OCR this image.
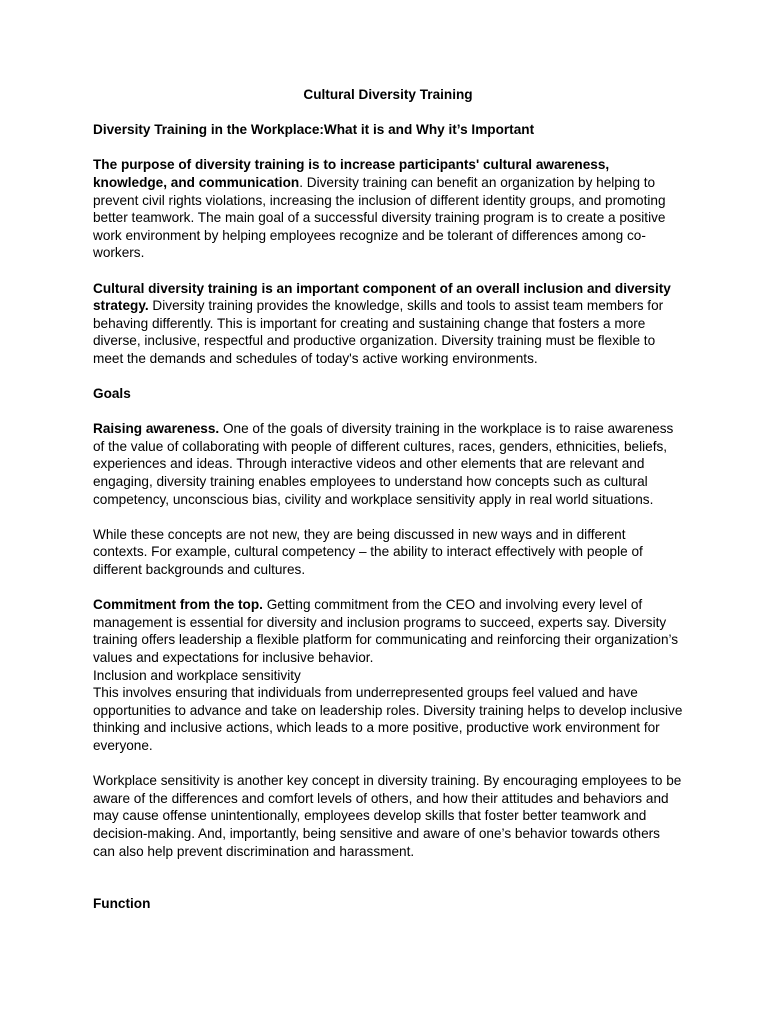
Cultural Diversity Training

Diversity Training in the Workplace:What it is and Why it’s Important

The purpose of diversity training is to increase participants' cultural awareness, knowledge, and communication. Diversity training can benefit an organization by helping to prevent civil rights violations, increasing the inclusion of different identity groups, and promoting better teamwork. The main goal of a successful diversity training program is to create a positive work environment by helping employees recognize and be tolerant of differences among co-workers.

Cultural diversity training is an important component of an overall inclusion and diversity strategy. Diversity training provides the knowledge, skills and tools to assist team members for behaving differently. This is important for creating and sustaining change that fosters a more diverse, inclusive, respectful and productive organization. Diversity training must be flexible to meet the demands and schedules of today's active working environments.

Goals

Raising awareness. One of the goals of diversity training in the workplace is to raise awareness of the value of collaborating with people of different cultures, races, genders, ethnicities, beliefs, experiences and ideas. Through interactive videos and other elements that are relevant and engaging, diversity training enables employees to understand how concepts such as cultural competency, unconscious bias, civility and workplace sensitivity apply in real world situations.

While these concepts are not new, they are being discussed in new ways and in different contexts. For example, cultural competency – the ability to interact effectively with people of different backgrounds and cultures.

Commitment from the top. Getting commitment from the CEO and involving every level of management is essential for diversity and inclusion programs to succeed, experts say. Diversity training offers leadership a flexible platform for communicating and reinforcing their organization’s values and expectations for inclusive behavior.

Inclusion and workplace sensitivity

This involves ensuring that individuals from underrepresented groups feel valued and have opportunities to advance and take on leadership roles. Diversity training helps to develop inclusive thinking and inclusive actions, which leads to a more positive, productive work environment for everyone.

Workplace sensitivity is another key concept in diversity training. By encouraging employees to be aware of the differences and comfort levels of others, and how their attitudes and behaviors and may cause offense unintentionally, employees develop skills that foster better teamwork and decision-making. And, importantly, being sensitive and aware of one’s behavior towards others can also help prevent discrimination and harassment.

Function
